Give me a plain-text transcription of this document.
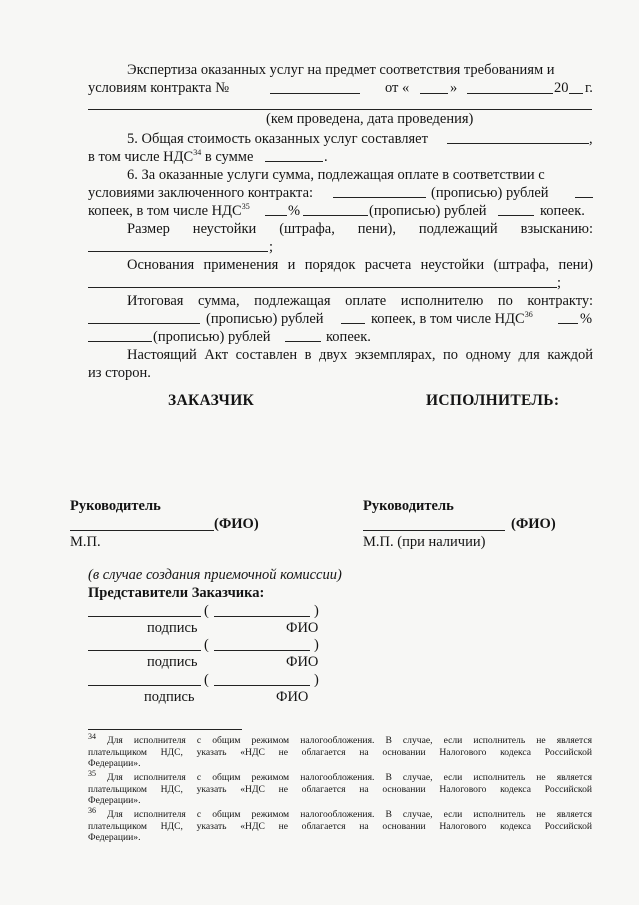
Экспертиза оказанных услуг на предмет соответствия требованиям и
условиям контракта №	от «	»	20 г.
(кем проведена, дата проведения)
5. Общая стоимость оказанных услуг составляет	,
в том числе НДС$^{34}$ в сумме	.
6. За оказанные услуги сумма, подлежащая оплате в соответствии с
условиями заключенного контракта:	(прописью) рублей
копеек, в том числе НДС$^{35}$	%	(прописью) рублей	копеек.
Размер неустойки (штрафа, пени), подлежащий взысканию:
;
Основания применения и порядок расчета неустойки (штрафа, пени)
;
Итоговая сумма, подлежащая оплате исполнителю по контракту:
(прописью) рублей	копеек, в том числе НДС$^{36}$	%
(прописью) рублей	копеек.
Настоящий Акт составлен в двух экземплярах, по одному для каждой
из сторон.
ЗАКАЗЧИК	ИСПОЛНИТЕЛЬ:
Руководитель
(ФИО)
М.П.
Руководитель
(ФИО)
М.П. (при наличии)
(в случае создания приемочной комиссии)
Представители Заказчика:
(	)
подпись	ФИО
(	)
подпись	ФИО
(	)
подпись	ФИО
$^{34}$ Для исполнителя с общим режимом налогообложения. В случае, если исполнитель не является
плательщиком НДС, указать «НДС не облагается на основании Налогового кодекса Российской
Федерации».
$^{35}$ Для исполнителя с общим режимом налогообложения. В случае, если исполнитель не является
плательщиком НДС, указать «НДС не облагается на основании Налогового кодекса Российской
Федерации».
$^{36}$ Для исполнителя с общим режимом налогообложения. В случае, если исполнитель не является
плательщиком НДС, указать «НДС не облагается на основании Налогового кодекса Российской
Федерации».
